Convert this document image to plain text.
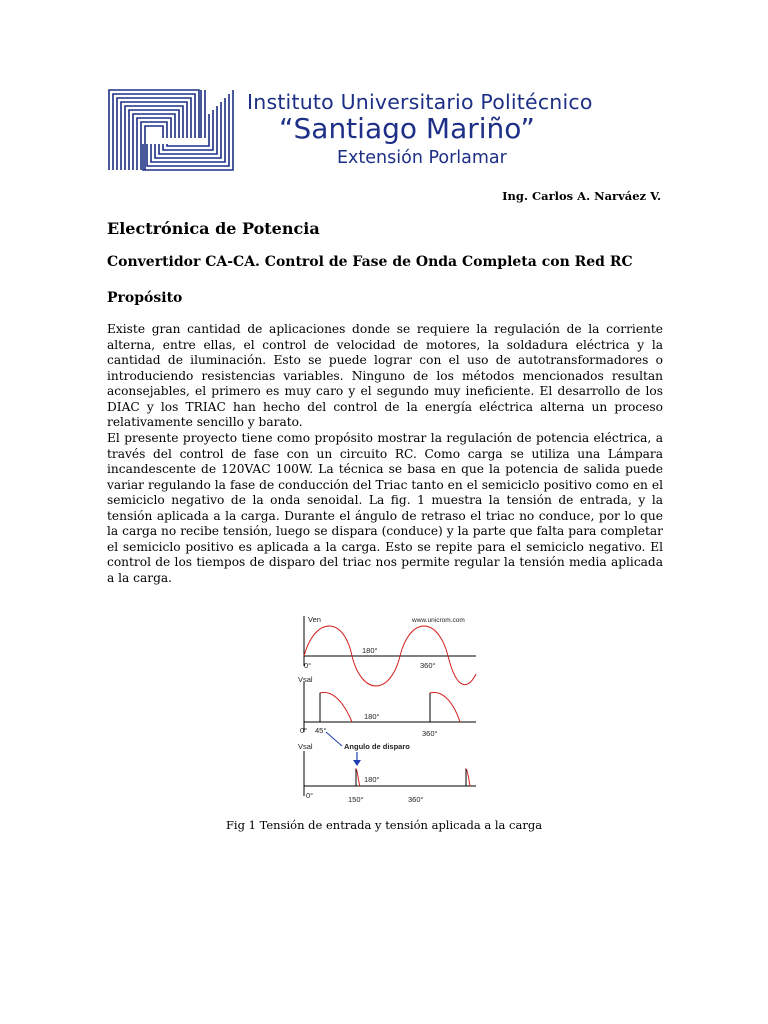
Instituto Universitario Politécnico
“Santiago Mariño”
Extensión Porlamar
Ing. Carlos A. Narváez V.
Electrónica de Potencia
Convertidor CA-CA. Control de Fase de Onda Completa con Red RC
Propósito
Existe gran cantidad de aplicaciones donde se requiere la regulación de la corriente alterna, entre ellas, el control de velocidad de motores, la soldadura eléctrica y la cantidad de iluminación. Esto se puede lograr con el uso de autotransformadores o introduciendo resistencias variables. Ninguno de los métodos mencionados resultan aconsejables, el primero es muy caro y el segundo muy ineficiente. El desarrollo de los DIAC y los TRIAC han hecho del control de la energía eléctrica alterna un proceso relativamente sencillo y barato.
El presente proyecto tiene como propósito mostrar la regulación de potencia eléctrica, a través del control de fase con un circuito RC. Como carga se utiliza una Lámpara incandescente de 120VAC 100W. La técnica se basa en que la potencia de salida puede variar regulando la fase de conducción del Triac tanto en el semiciclo positivo como en el semiciclo negativo de la onda senoidal. La fig. 1 muestra la tensión de entrada, y la tensión aplicada a la carga. Durante el ángulo de retraso el triac no conduce, por lo que la carga no recibe tensión, luego se dispara (conduce) y la parte que falta para completar el semiciclo positivo es aplicada a la carga. Esto se repite para el semiciclo negativo. El control de los tiempos de disparo del triac nos permite regular la tensión media aplicada a la carga.
Ven	www.unicrom.com
0°
180°
360°
Vsal
180°
0° 45°	360°
Angulo de disparo
Vsal
180°
0°	150°	360°
Fig 1 Tensión de entrada y tensión aplicada a la carga
